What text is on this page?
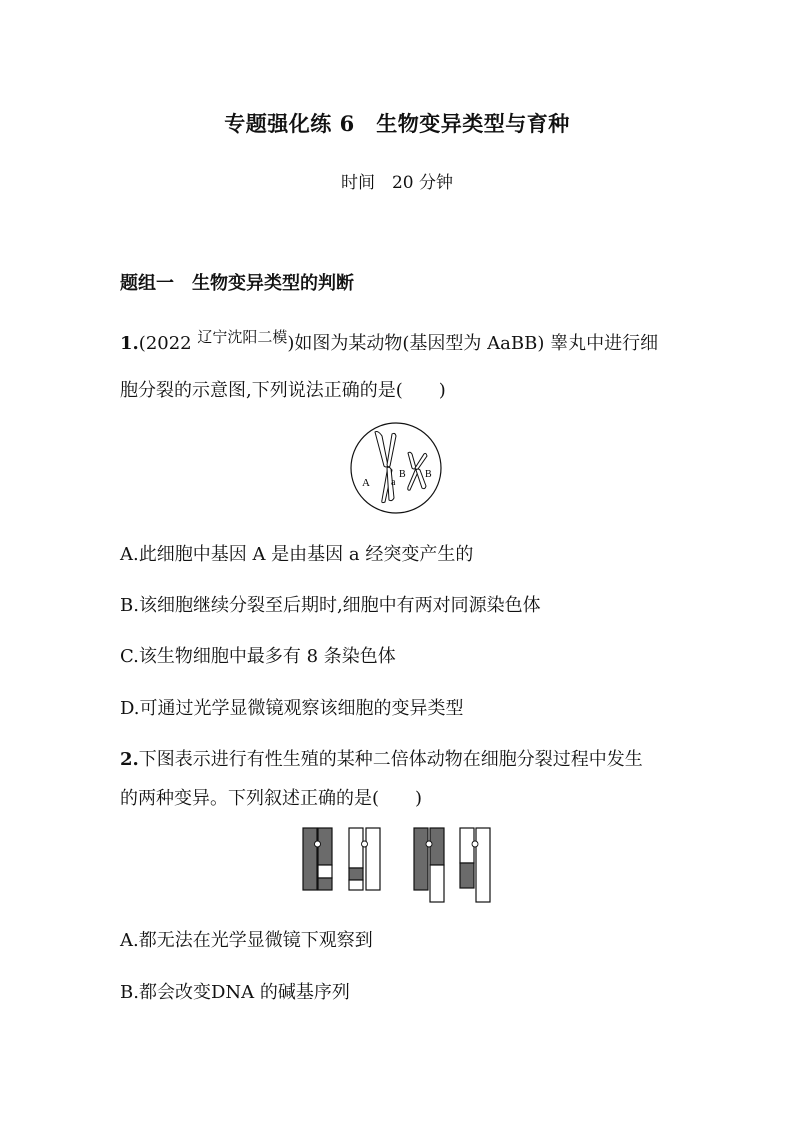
专题强化练 6　生物变异类型与育种
时间　20 分钟
题组一　生物变异类型的判断
1.(2022 $^{辽宁沈阳二模}$)如图为某动物(基因型为 AaBB) 睾丸中进行细
胞分裂的示意图,下列说法正确的是(　　)
A a
B B
A.此细胞中基因 A 是由基因 a 经突变产生的
B.该细胞继续分裂至后期时,细胞中有两对同源染色体
C.该生物细胞中最多有 8 条染色体
D.可通过光学显微镜观察该细胞的变异类型
2.下图表示进行有性生殖的某种二倍体动物在细胞分裂过程中发生
的两种变异。下列叙述正确的是(　　)
A.都无法在光学显微镜下观察到
B.都会改变DNA 的碱基序列
